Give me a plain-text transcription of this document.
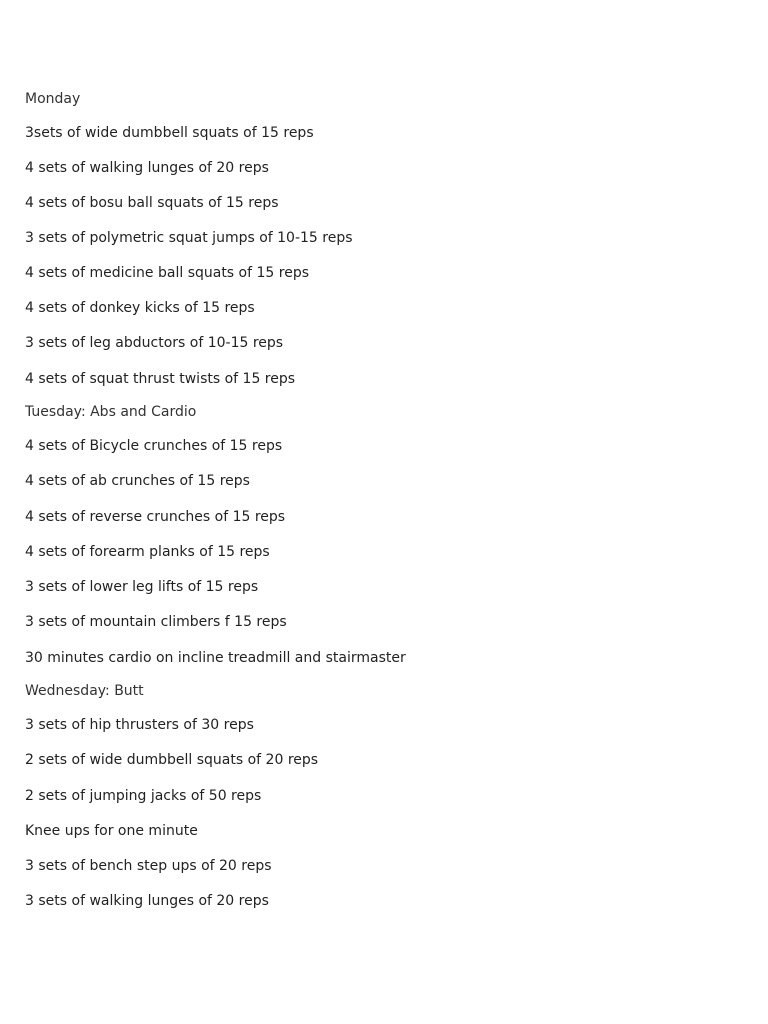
Monday
3sets of wide dumbbell squats of 15 reps
4 sets of walking lunges of 20 reps
4 sets of bosu ball squats of 15 reps
3 sets of polymetric squat jumps of 10-15 reps
4 sets of medicine ball squats of 15 reps
4 sets of donkey kicks of 15 reps
3 sets of leg abductors of 10-15 reps
4 sets of squat thrust twists of 15 reps
Tuesday: Abs and Cardio
4 sets of Bicycle crunches of 15 reps
4 sets of ab crunches of 15 reps
4 sets of reverse crunches of 15 reps
4 sets of forearm planks of 15 reps
3 sets of lower leg lifts of 15 reps
3 sets of mountain climbers f 15 reps
30 minutes cardio on incline treadmill and stairmaster
Wednesday: Butt
3 sets of hip thrusters of 30 reps
2 sets of wide dumbbell squats of 20 reps
2 sets of jumping jacks of 50 reps
Knee ups for one minute
3 sets of bench step ups of 20 reps
3 sets of walking lunges of 20 reps
